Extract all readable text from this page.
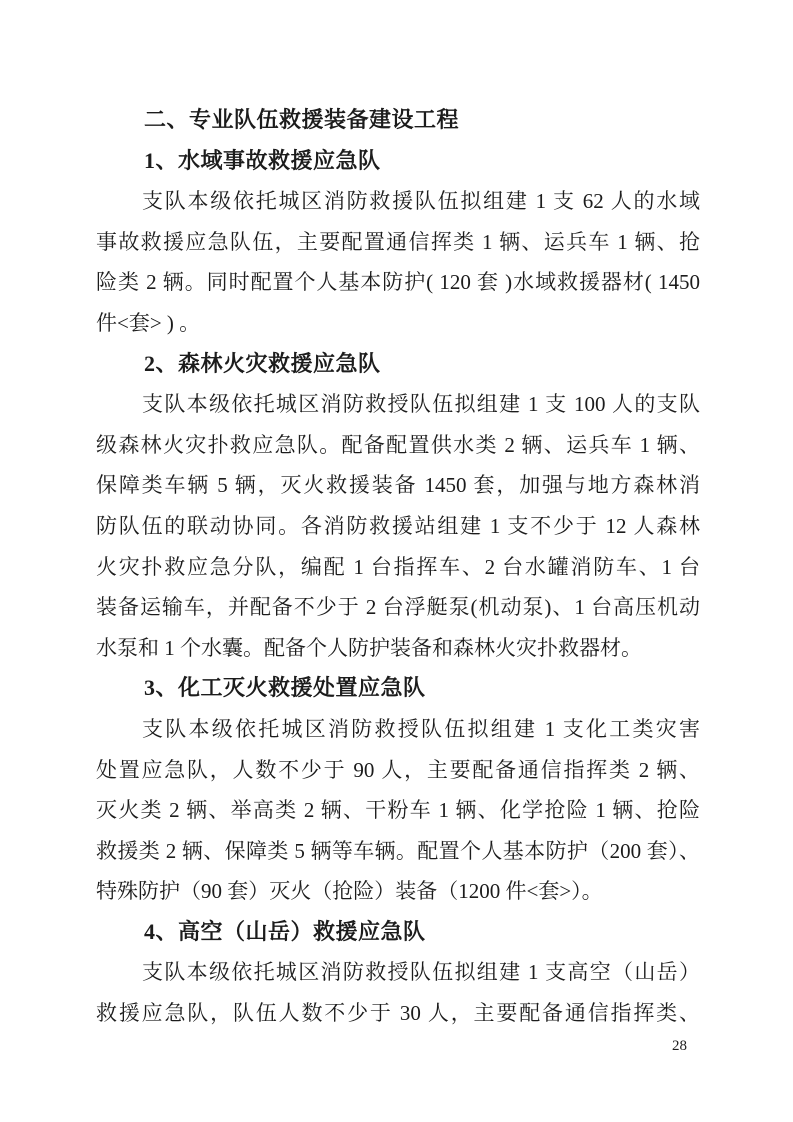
二、专业队伍救援装备建设工程
1、水域事故救援应急队
支队本级依托城区消防救援队伍拟组建 1 支 62 人的水域
事故救援应急队伍，主要配置通信挥类 1 辆、运兵车 1 辆、抢
险类 2 辆。同时配置个人基本防护( 120 套 )水域救援器材( 1450
件<套> ) 。
2、森林火灾救援应急队
支队本级依托城区消防救授队伍拟组建 1 支 100 人的支队
级森林火灾扑救应急队。配备配置供水类 2 辆、运兵车 1 辆、
保障类车辆 5 辆，灭火救援装备 1450 套，加强与地方森林消
防队伍的联动协同。各消防救援站组建 1 支不少于 12 人森林
火灾扑救应急分队，编配 1 台指挥车、2 台水罐消防车、1 台
装备运输车，并配备不少于 2 台浮艇泵(机动泵)、1 台高压机动
水泵和 1 个水囊。配备个人防护装备和森林火灾扑救器材。
3、化工灭火救援处置应急队
支队本级依托城区消防救授队伍拟组建 1 支化工类灾害
处置应急队，人数不少于 90 人，主要配备通信指挥类 2 辆、
灭火类 2 辆、举高类 2 辆、干粉车 1 辆、化学抢险 1 辆、抢险
救援类 2 辆、保障类 5 辆等车辆。配置个人基本防护（200 套）、
特殊防护（90 套）灭火（抢险）装备（1200 件<套>）。
4、高空（山岳）救援应急队
支队本级依托城区消防救授队伍拟组建 1 支高空（山岳）
救援应急队，队伍人数不少于 30 人，主要配备通信指挥类、
28
